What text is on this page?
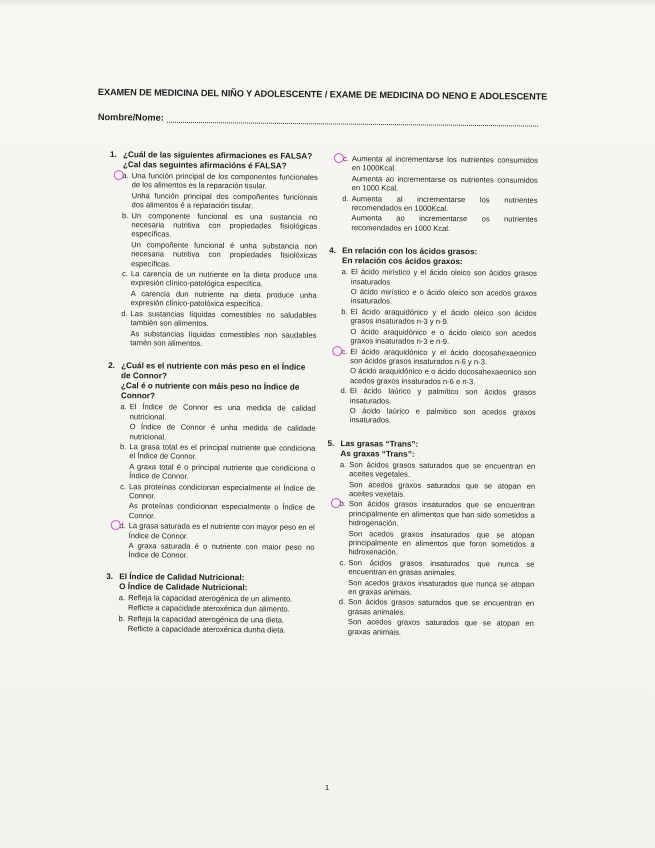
EXAMEN DE MEDICINA DEL NIÑO Y ADOLESCENTE / EXAME DE MEDICINA DO NENO E ADOLESCENTE
Nombre/Nome:
1. ¿Cuál de las siguientes afirmaciones es FALSA?
¿Cal das seguintes afirmacións é FALSA?
a. Una función principal de los componentes funcionales de los alimentos es la reparación tisular.
Unha función principal dos compoñentes funcionais dos alimentos é a reparación tisular.
b. Un componente funcional es una sustancia no necesaria nutritiva con propiedades fisiológicas específicas.
Un compoñente funcional é unha substancia non necesaria nutritiva con propiedades fisiolóxicas específicas.
c. La carencia de un nutriente en la dieta produce una expresión clínico-patológica específica.
A carencia dun nutriente na dieta produce unha expresión clínico-patolóxica específica.
d. Las sustancias líquidas comestibles no saludables también son alimentos.
As substancias líquidas comestibles non saudables tamén son alimentos.
2. ¿Cuál es el nutriente con más peso en el Índice de Connor?
¿Cal é o nutriente con máis peso no Índice de Connor?
a. El Índice de Connor es una medida de calidad nutricional.
O Índice de Connor é unha medida de calidade nutricional.
b. La grasa total es el principal nutriente que condiciona el Índice de Connor.
A graxa total é o principal nutriente que condiciona o Índice de Connor.
c. Las proteínas condicionan especialmente el Índice de Connor.
As proteínas condicionan especialmente o Índice de Connor.
d. La grasa saturada es el nutriente con mayor peso en el Índice de Connor.
A graxa saturada é o nutriente con maior peso no Índice de Connor.
3. El Índice de Calidad Nutricional:
O Índice de Calidade Nutricional:
a. Refleja la capacidad aterogénica de un alimento.
Reflicte a capacidade ateroxénica dun alimento.
b. Refleja la capacidad aterogénica de una dieta.
Reflicte a capacidade ateroxénica dunha dieta.
c. Aumenta al incrementarse los nutrientes consumidos en 1000Kcal.
Aumenta ao incrementarse os nutrientes consumidos en 1000 Kcal.
d. Aumenta al incrementarse los nutrientes recomendados en 1000Kcal.
Aumenta ao incrementarse os nutrientes recomendados en 1000 Kcal.
4. En relación con los ácidos grasos:
En relación cos ácidos graxos:
a. El ácido mirístico y el ácido oleico son ácidos grasos insaturados
O ácido mirístico e o ácido oleico son acedos graxos insaturados.
b. El ácido araquidónico y el ácido oleico son ácidos grasos insaturados n-3 y n-9.
O ácido araquidónico e o ácido oleico son acedos graxos insaturados n-3 e n-9.
c. El ácido araquidónico y el ácido docosahexaeonico son ácidos grasos insaturados n-6 y n-3.
O ácido araquidónico e o ácido docosahexaeonico son acedos graxos insaturados n-6 e n-3.
d. El ácido laúrico y palmítico son ácidos grasos insaturados.
O ácido laúrico e palmítico son acedos graxos insaturados.
5. Las grasas “Trans”:
As graxas “Trans”:
a. Son ácidos grasos saturados que se encuentran en aceites vegetales.
Son acedos graxos saturados que se atopan en aceites vexetais.
b. Son ácidos grasos insaturados que se encuentran principalmente en alimentos que han sido sometidos a hidrogenación.
Son acedos graxos insaturados que se atopan principalmente en alimentos que foron sometidos a hidroxenación.
c. Son ácidos grasos insaturados que nunca se encuentran en grasas animales.
Son acedos graxos insaturados que nunca se atopan en graxas animais.
d. Son ácidos grasos saturados que se encuentran en grasas animales.
Son acedos graxos saturados que se atopan en graxas animais.
1
